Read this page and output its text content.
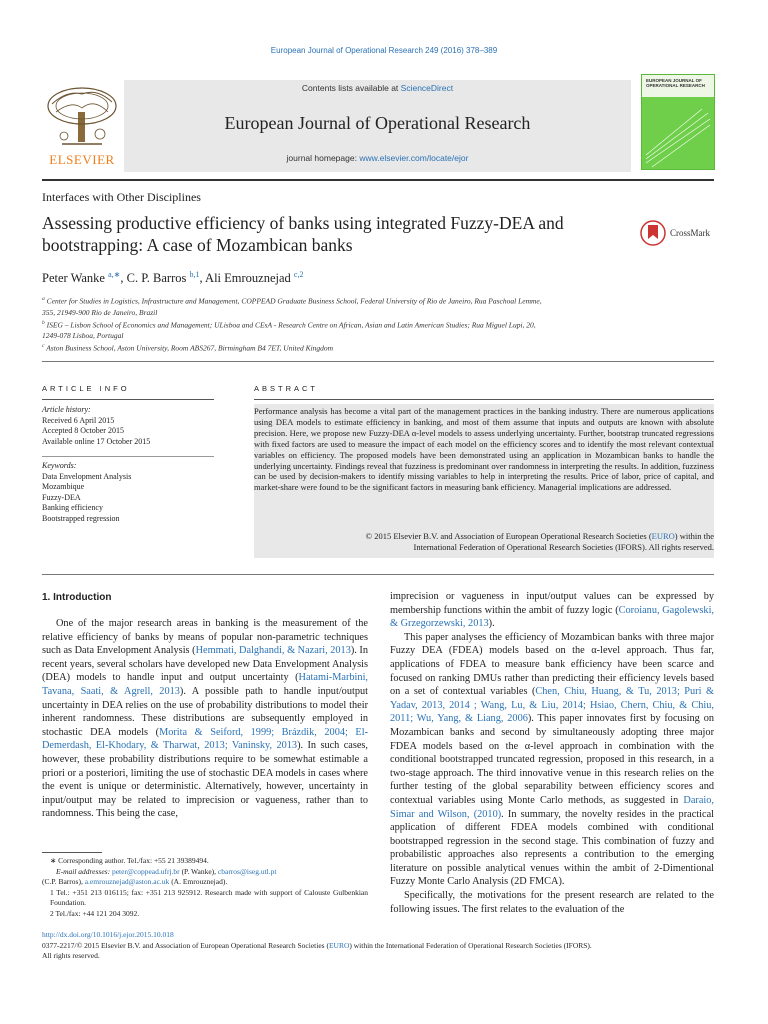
European Journal of Operational Research 249 (2016) 378–389
ELSEVIER
Contents lists available at ScienceDirect
European Journal of Operational Research
journal homepage: www.elsevier.com/locate/ejor
EUROPEAN JOURNAL OF OPERATIONAL RESEARCH
Interfaces with Other Disciplines
Assessing productive efficiency of banks using integrated Fuzzy-DEA and
bootstrapping: A case of Mozambican banks
CrossMark
Peter Wanke $^{a,∗}$, C. P. Barros $^{b,1}$, Ali Emrouznejad $^{c,2}$
$^a$ Center for Studies in Logistics, Infrastructure and Management, COPPEAD Graduate Business School, Federal University of Rio de Janeiro, Rua Paschoal Lemme,
355, 21949-900 Rio de Janeiro, Brazil
$^b$ ISEG – Lisbon School of Economics and Management; ULisboa and CEsA - Research Centre on African, Asian and Latin American Studies; Rua Miguel Lupi, 20,
1249-078 Lisboa, Portugal
$^c$ Aston Business School, Aston University, Room ABS267, Birmingham B4 7ET, United Kingdom
ARTICLE INFO
Article history:
Received 6 April 2015
Accepted 8 October 2015
Available online 17 October 2015
Keywords:
Data Envelopment Analysis
Mozambique
Fuzzy-DEA
Banking efficiency
Bootstrapped regression
ABSTRACT
Performance analysis has become a vital part of the management practices in the banking industry. There are numerous applications using DEA models to estimate efficiency in banking, and most of them assume that inputs and outputs are known with absolute precision. Here, we propose new Fuzzy-DEA α-level models to assess underlying uncertainty. Further, bootstrap truncated regressions with fixed factors are used to measure the impact of each model on the efficiency scores and to identify the most relevant contextual variables on efficiency. The proposed models have been demonstrated using an application in Mozambican banks to handle the underlying uncertainty. Findings reveal that fuzziness is predominant over randomness in interpreting the results. In addition, fuzziness can be used by decision-makers to identify missing variables to help in interpreting the results. Price of labor, price of capital, and market-share were found to be the significant factors in measuring bank efficiency. Managerial implications are addressed.
© 2015 Elsevier B.V. and Association of European Operational Research Societies (EURO) within the
International Federation of Operational Research Societies (IFORS). All rights reserved.
1. Introduction

One of the major research areas in banking is the measurement of the relative efficiency of banks by means of popular non-parametric techniques such as Data Envelopment Analysis (Hemmati, Dalghandi, & Nazari, 2013). In recent years, several scholars have developed new Data Envelopment Analysis (DEA) models to handle input and output uncertainty (Hatami-Marbini, Tavana, Saati, & Agrell, 2013). A possible path to handle input/output uncertainty in DEA relies on the use of probability distributions to model their inherent randomness. These distributions are subsequently employed in stochastic DEA models (Morita & Seiford, 1999; Brázdik, 2004; El-Demerdash, El-Khodary, & Tharwat, 2013; Vaninsky, 2013). In such cases, however, these probability distributions require to be somewhat estimable a priori or a posteriori, limiting the use of stochastic DEA models in cases where the event is unique or deterministic. Alternatively, however, uncertainty in input/output may be related to imprecision or vagueness, rather than to randomness. This being the case,

imprecision or vagueness in input/output values can be expressed by membership functions within the ambit of fuzzy logic (Coroianu, Gagolewski, & Grzegorzewski, 2013).

This paper analyses the efficiency of Mozambican banks with three major Fuzzy DEA (FDEA) models based on the α-level approach. Thus far, applications of FDEA to measure bank efficiency have been scarce and focused on ranking DMUs rather than predicting their efficiency levels based on a set of contextual variables (Chen, Chiu, Huang, & Tu, 2013; Puri & Yadav, 2013, 2014 ; Wang, Lu, & Liu, 2014; Hsiao, Chern, Chiu, & Chiu, 2011; Wu, Yang, & Liang, 2006). This paper innovates first by focusing on Mozambican banks and second by simultaneously adopting three major FDEA models based on the α-level approach in combination with the conditional bootstrapped truncated regression, proposed in this research, in a two-stage approach. The third innovative venue in this research relies on the further testing of the global separability between efficiency scores and contextual variables using Monte Carlo methods, as suggested in Daraio, Simar and Wilson, (2010). In summary, the novelty resides in the practical application of different FDEA models combined with conditional bootstrapped regression in the second stage. This combination of fuzzy and probabilistic approaches also represents a contribution to the emerging literature on possible analytical venues within the ambit of 2-Dimentional Fuzzy Monte Carlo Analysis (2D FMCA).

Specifically, the motivations for the present research are related to the following issues. The first relates to the evaluation of the

∗ Corresponding author. Tel./fax: +55 21 39389494.
E-mail addresses: peter@coppead.ufrj.br (P. Wanke), cbarros@iseg.utl.pt
(C.P. Barros), a.emrouznejad@aston.ac.uk (A. Emrouznejad).
1 Tel.: +351 213 016115; fax: +351 213 925912. Research made with support of Calouste Gulbenkian Foundation.
2 Tel./fax: +44 121 204 3092.
http://dx.doi.org/10.1016/j.ejor.2015.10.018
0377-2217/© 2015 Elsevier B.V. and Association of European Operational Research Societies (EURO) within the International Federation of Operational Research Societies (IFORS).
All rights reserved.
